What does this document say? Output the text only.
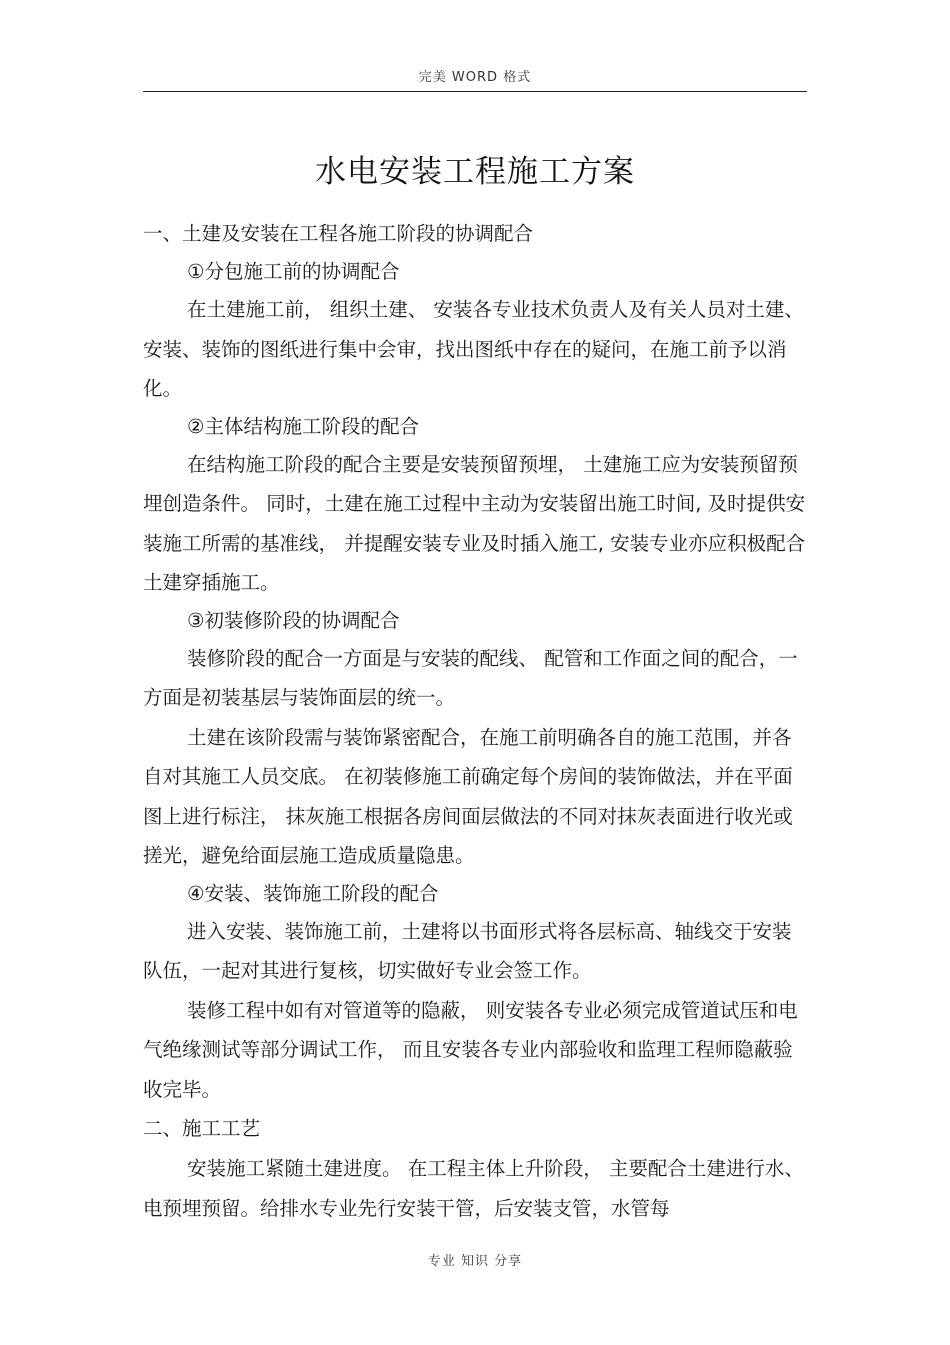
完美 WORD 格式
水电安装工程施工方案

一、土建及安装在工程各施工阶段的协调配合

①分包施工前的协调配合

在土建施工前， 组织土建、 安装各专业技术负责人及有关人员对土建、安装、装饰的图纸进行集中会审，找出图纸中存在的疑问，在施工前予以消化。

②主体结构施工阶段的配合

在结构施工阶段的配合主要是安装预留预埋， 土建施工应为安装预留预埋创造条件。 同时，土建在施工过程中主动为安装留出施工时间, 及时提供安装施工所需的基准线， 并提醒安装专业及时插入施工, 安装专业亦应积极配合土建穿插施工。

③初装修阶段的协调配合

装修阶段的配合一方面是与安装的配线、 配管和工作面之间的配合，一方面是初装基层与装饰面层的统一。

土建在该阶段需与装饰紧密配合，在施工前明确各自的施工范围，并各自对其施工人员交底。 在初装修施工前确定每个房间的装饰做法，并在平面图上进行标注， 抹灰施工根据各房间面层做法的不同对抹灰表面进行收光或搓光，避免给面层施工造成质量隐患。

④安装、装饰施工阶段的配合

进入安装、装饰施工前，土建将以书面形式将各层标高、轴线交于安装队伍，一起对其进行复核，切实做好专业会签工作。

装修工程中如有对管道等的隐蔽， 则安装各专业必须完成管道试压和电气绝缘测试等部分调试工作， 而且安装各专业内部验收和监理工程师隐蔽验收完毕。

二、施工工艺

安装施工紧随土建进度。 在工程主体上升阶段， 主要配合土建进行水、电预埋预留。给排水专业先行安装干管，后安装支管，水管每

专业 知识 分享
